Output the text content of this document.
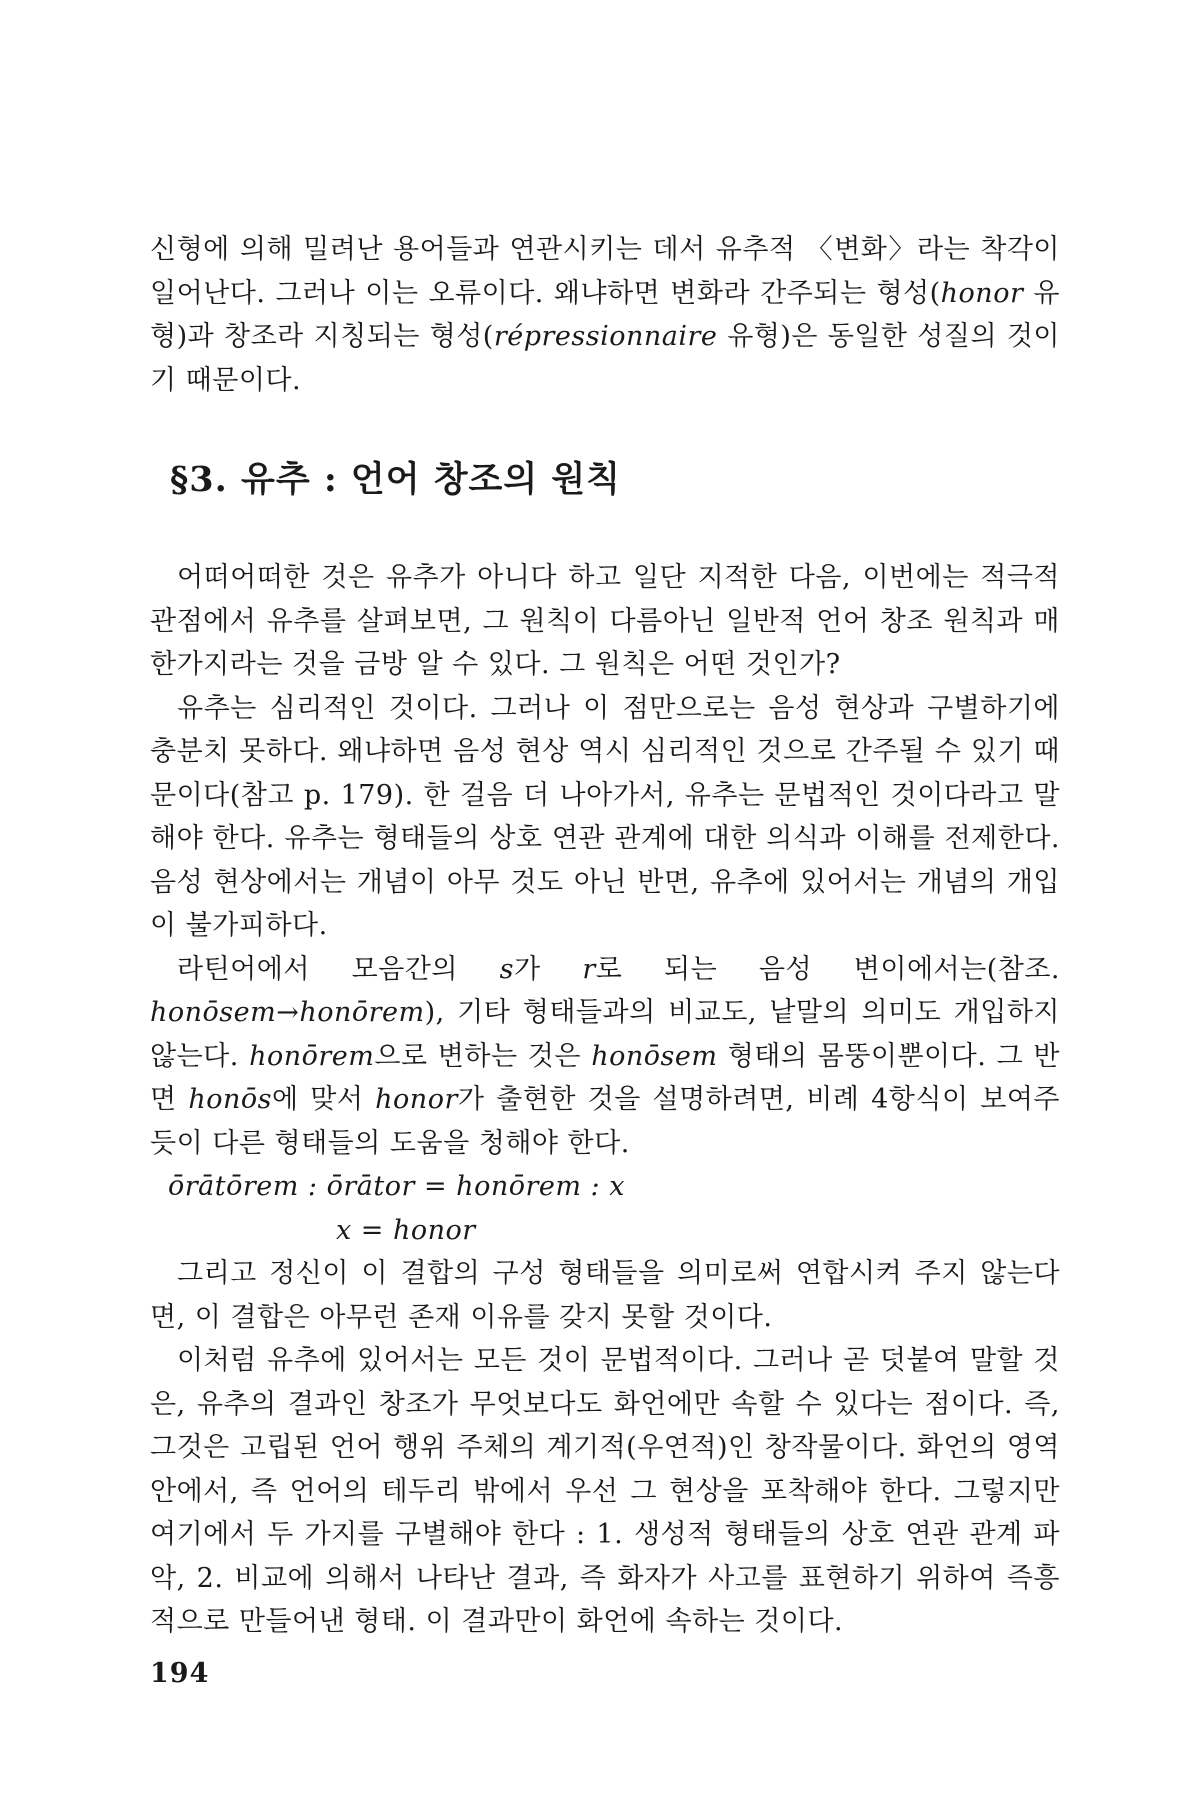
신형에 의해 밀려난 용어들과 연관시키는 데서 유추적 〈변화〉라는 착각이 일어난다. 그러나 이는 오류이다. 왜냐하면 변화라 간주되는 형성(honor 유형)과 창조라 지칭되는 형성(répressionnaire 유형)은 동일한 성질의 것이기 때문이다.

§3. 유추 : 언어 창조의 원칙

어떠어떠한 것은 유추가 아니다 하고 일단 지적한 다음, 이번에는 적극적 관점에서 유추를 살펴보면, 그 원칙이 다름아닌 일반적 언어 창조 원칙과 매한가지라는 것을 금방 알 수 있다. 그 원칙은 어떤 것인가?

유추는 심리적인 것이다. 그러나 이 점만으로는 음성 현상과 구별하기에 충분치 못하다. 왜냐하면 음성 현상 역시 심리적인 것으로 간주될 수 있기 때문이다(참고 p. 179). 한 걸음 더 나아가서, 유추는 문법적인 것이다라고 말해야 한다. 유추는 형태들의 상호 연관 관계에 대한 의식과 이해를 전제한다. 음성 현상에서는 개념이 아무 것도 아닌 반면, 유추에 있어서는 개념의 개입이 불가피하다.

라틴어에서 모음간의 s가 r로 되는 음성 변이에서는(참조. honōsem→honōrem), 기타 형태들과의 비교도, 낱말의 의미도 개입하지 않는다. honōrem으로 변하는 것은 honōsem 형태의 몸뚱이뿐이다. 그 반면 honōs에 맞서 honor가 출현한 것을 설명하려면, 비례 4항식이 보여주듯이 다른 형태들의 도움을 청해야 한다.

ōrātōrem : ōrātor = honōrem : x

x = honor

그리고 정신이 이 결합의 구성 형태들을 의미로써 연합시켜 주지 않는다면, 이 결합은 아무런 존재 이유를 갖지 못할 것이다.

이처럼 유추에 있어서는 모든 것이 문법적이다. 그러나 곧 덧붙여 말할 것은, 유추의 결과인 창조가 무엇보다도 화언에만 속할 수 있다는 점이다. 즉, 그것은 고립된 언어 행위 주체의 계기적(우연적)인 창작물이다. 화언의 영역 안에서, 즉 언어의 테두리 밖에서 우선 그 현상을 포착해야 한다. 그렇지만 여기에서 두 가지를 구별해야 한다 : 1. 생성적 형태들의 상호 연관 관계 파악, 2. 비교에 의해서 나타난 결과, 즉 화자가 사고를 표현하기 위하여 즉흥적으로 만들어낸 형태. 이 결과만이 화언에 속하는 것이다.

194
